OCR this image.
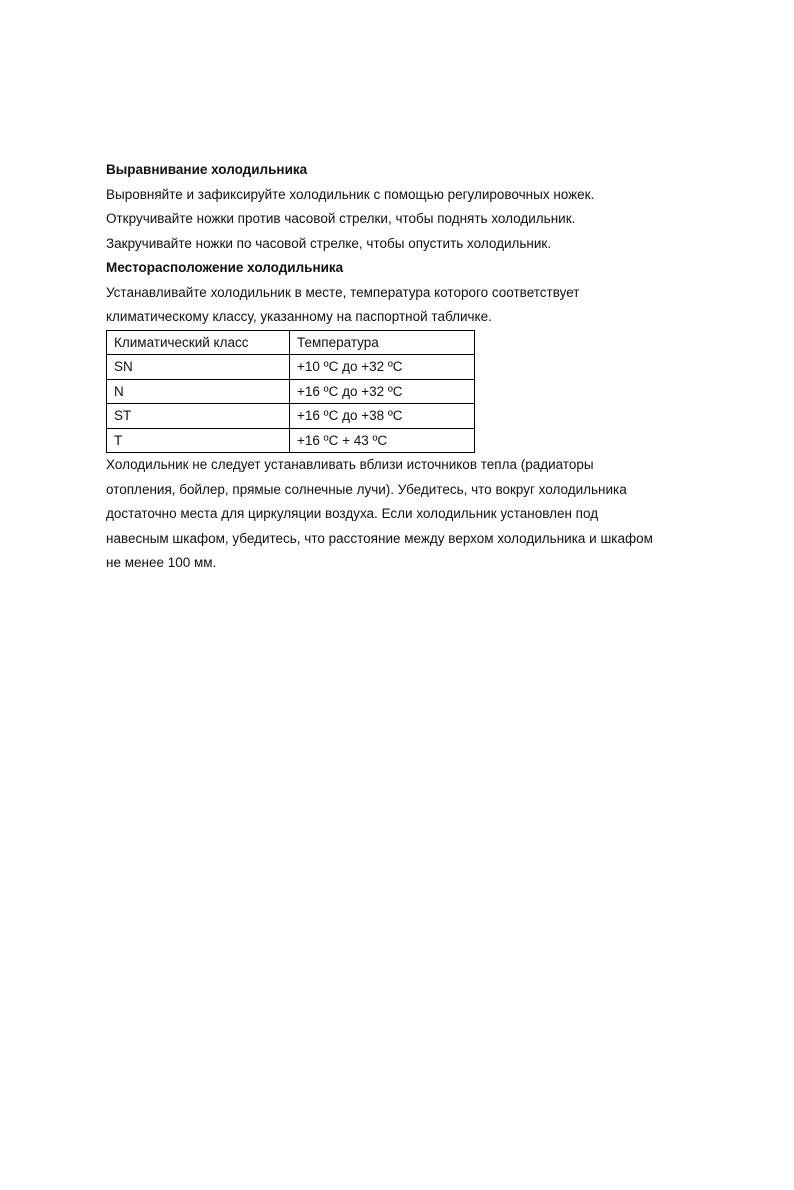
Выравнивание холодильника

Выровняйте и зафиксируйте холодильник с помощью регулировочных ножек.

Откручивайте ножки против часовой стрелки, чтобы поднять холодильник.

Закручивайте ножки по часовой стрелке, чтобы опустить холодильник.

Месторасположение холодильника

Устанавливайте холодильник в месте, температура которого соответствует

климатическому классу, указанному на паспортной табличке.

Климатический класс	Температура
SN	+10 ºC до +32 ºC
N	+16 ºC до +32 ºC
ST	+16 ºC до +38 ºC
T	+16 ºC + 43 ºC

Холодильник не следует устанавливать вблизи источников тепла (радиаторы

отопления, бойлер, прямые солнечные лучи). Убедитесь, что вокруг холодильника

достаточно места для циркуляции воздуха. Если холодильник установлен под

навесным шкафом, убедитесь, что расстояние между верхом холодильника и шкафом

не менее 100 мм.
